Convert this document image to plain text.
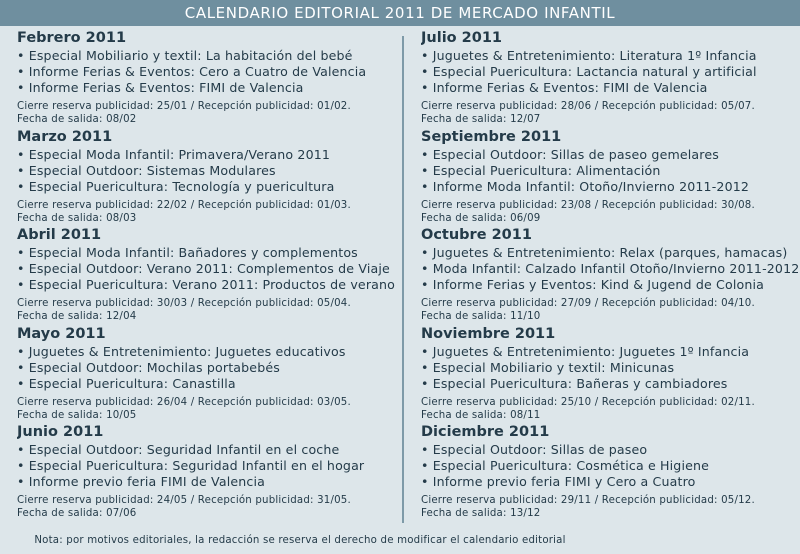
CALENDARIO EDITORIAL 2011 DE MERCADO INFANTIL
Febrero 2011
• Especial Mobiliario y textil: La habitación del bebé
• Informe Ferias & Eventos: Cero a Cuatro de Valencia
• Informe Ferias & Eventos: FIMI de Valencia
Cierre reserva publicidad: 25/01 / Recepción publicidad: 01/02.
Fecha de salida: 08/02
Marzo 2011
• Especial Moda Infantil: Primavera/Verano 2011
• Especial Outdoor: Sistemas Modulares
• Especial Puericultura: Tecnología y puericultura
Cierre reserva publicidad: 22/02 / Recepción publicidad: 01/03.
Fecha de salida: 08/03
Abril 2011
• Especial Moda Infantil: Bañadores y complementos
• Especial Outdoor: Verano 2011: Complementos de Viaje
• Especial Puericultura: Verano 2011: Productos de verano
Cierre reserva publicidad: 30/03 / Recepción publicidad: 05/04.
Fecha de salida: 12/04
Mayo 2011
• Juguetes & Entretenimiento: Juguetes educativos
• Especial Outdoor: Mochilas portabebés
• Especial Puericultura: Canastilla
Cierre reserva publicidad: 26/04 / Recepción publicidad: 03/05.
Fecha de salida: 10/05
Junio 2011
• Especial Outdoor: Seguridad Infantil en el coche
• Especial Puericultura: Seguridad Infantil en el hogar
• Informe previo feria FIMI de Valencia
Cierre reserva publicidad: 24/05 / Recepción publicidad: 31/05.
Fecha de salida: 07/06
Julio 2011
• Juguetes & Entretenimiento: Literatura 1º Infancia
• Especial Puericultura: Lactancia natural y artificial
• Informe Ferias & Eventos: FIMI de Valencia
Cierre reserva publicidad: 28/06 / Recepción publicidad: 05/07.
Fecha de salida: 12/07
Septiembre 2011
• Especial Outdoor: Sillas de paseo gemelares
• Especial Puericultura: Alimentación
• Informe Moda Infantil: Otoño/Invierno 2011-2012
Cierre reserva publicidad: 23/08 / Recepción publicidad: 30/08.
Fecha de salida: 06/09
Octubre 2011
• Juguetes & Entretenimiento: Relax (parques, hamacas)
• Moda Infantil: Calzado Infantil Otoño/Invierno 2011-2012
• Informe Ferias y Eventos: Kind & Jugend de Colonia
Cierre reserva publicidad: 27/09 / Recepción publicidad: 04/10.
Fecha de salida: 11/10
Noviembre 2011
• Juguetes & Entretenimiento: Juguetes 1º Infancia
• Especial Mobiliario y textil: Minicunas
• Especial Puericultura: Bañeras y cambiadores
Cierre reserva publicidad: 25/10 / Recepción publicidad: 02/11.
Fecha de salida: 08/11
Diciembre 2011
• Especial Outdoor: Sillas de paseo
• Especial Puericultura: Cosmética e Higiene
• Informe previo feria FIMI y Cero a Cuatro
Cierre reserva publicidad: 29/11 / Recepción publicidad: 05/12.
Fecha de salida: 13/12
Nota: por motivos editoriales, la redacción se reserva el derecho de modificar el calendario editorial
